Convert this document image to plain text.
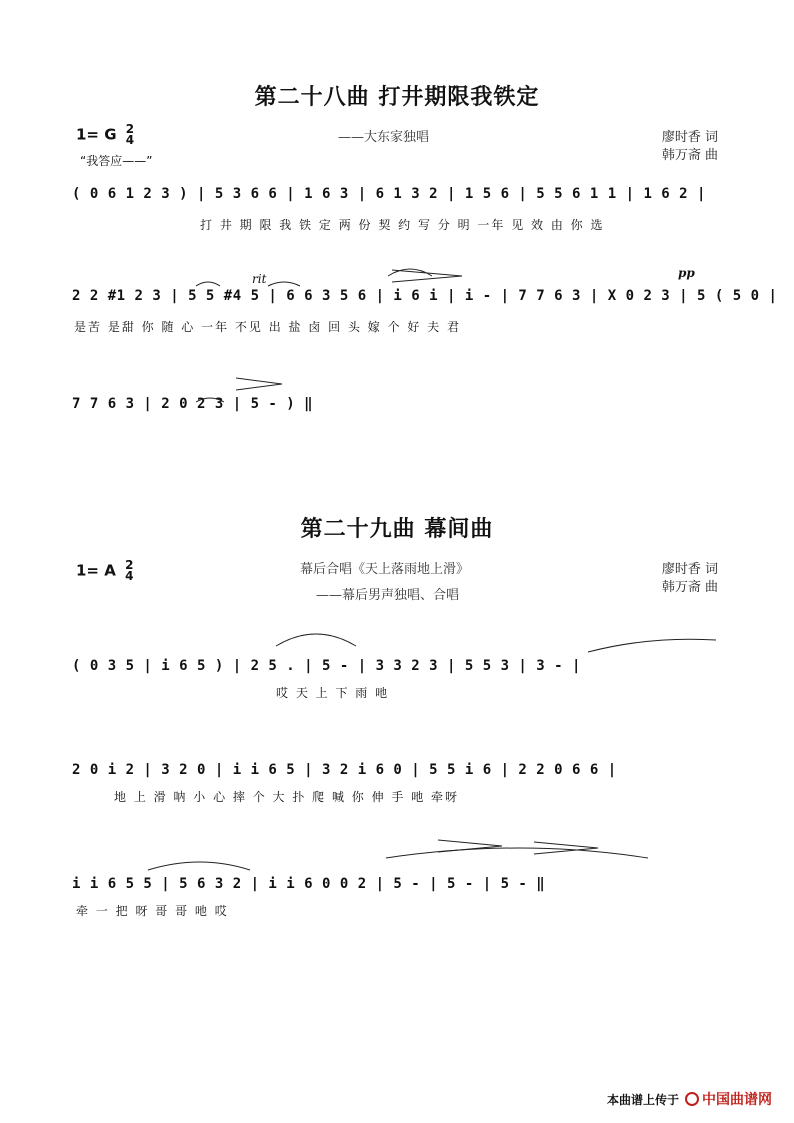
第二十八曲 打井期限我铁定
1= G 2
4	——大东家独唱	廖时香 词
韩万斋 曲
“我答应——”
( 0 6 1 2 3 ) | 5 3 6 6 | 1 6 3 | 6 1 3 2 | 1 5 6 | 5 5 6 1 1 | 1 6 2 |
打 井 期 限 我 铁 定 两 份 契 约 写 分 明 一年 见 效 由 你 选
rit	pp
2 2 #1 2 3 | 5 5 #4 5 | 6 6 3 5 6 | i 6 i | i - | 7 7 6 3 | X 0 2 3 | 5 ( 5 0 |
是苦 是甜 你 随 心 一年 不见 出 盐 卤 回 头 嫁 个 好 夫 君
7 7 6 3 | 2 0 2 3 | 5 - ) ‖
第二十九曲 幕间曲
1= A 2
4	幕后合唱《天上落雨地上滑》
——幕后男声独唱、合唱
廖时香 词
韩万斋 曲
( 0 3 5 | i 6 5 ) | 2 5 . | 5 - | 3 3 2 3 | 5 5 3 | 3 - |
哎 天 上 下 雨 吔
2 0 i 2 | 3 2 0 | i i 6 5 | 3 2 i 6 0 | 5 5 i 6 | 2 2 0 6 6 |
地 上 滑 呐 小 心 摔 个 大 扑 爬 喊 你 伸 手 吔 牵呀
i i 6 5 5 | 5 6 3 2 | i i 6 0 0 2 | 5 - | 5 - | 5 - ‖
牵 一 把 呀 哥 哥 吔 哎
本曲谱上传于 中国曲谱网
